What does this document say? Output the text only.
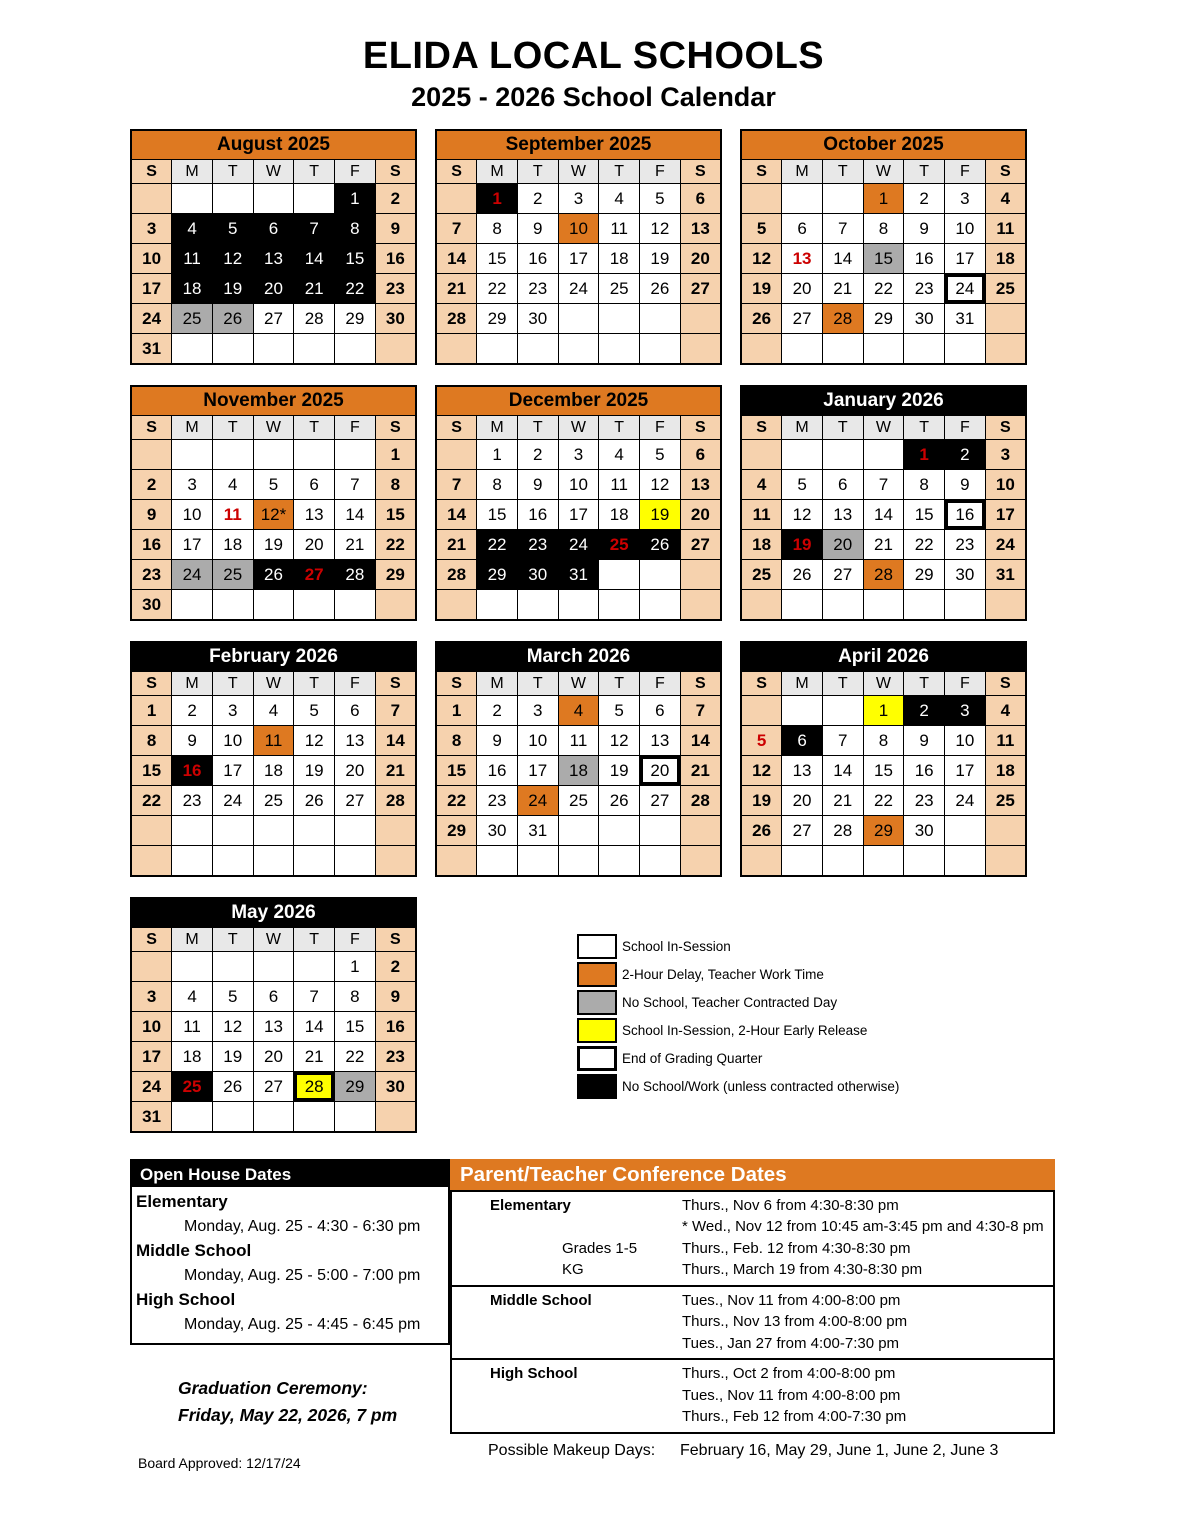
ELIDA LOCAL SCHOOLS
2025 - 2026 School Calendar
August 2025						
S	M	T	W	T	F	S
					1	2
3	4	5	6	7	8	9
10	11	12	13	14	15	16
17	18	19	20	21	22	23
24	25	26	27	28	29	30
31						
September 2025						
S	M	T	W	T	F	S
	1	2	3	4	5	6
7	8	9	10	11	12	13
14	15	16	17	18	19	20
21	22	23	24	25	26	27
28	29	30				

October 2025						
S	M	T	W	T	F	S
			1	2	3	4
5	6	7	8	9	10	11
12	13	14	15	16	17	18
19	20	21	22	23	24	25
26	27	28	29	30	31	

November 2025						
S	M	T	W	T	F	S
						1
2	3	4	5	6	7	8
9	10	11	12*	13	14	15
16	17	18	19	20	21	22
23	24	25	26	27	28	29
30						
December 2025						
S	M	T	W	T	F	S
	1	2	3	4	5	6
7	8	9	10	11	12	13
14	15	16	17	18	19	20
21	22	23	24	25	26	27
28	29	30	31			

January 2026						
S	M	T	W	T	F	S
				1	2	3
4	5	6	7	8	9	10
11	12	13	14	15	16	17
18	19	20	21	22	23	24
25	26	27	28	29	30	31

February 2026						
S	M	T	W	T	F	S
1	2	3	4	5	6	7
8	9	10	11	12	13	14
15	16	17	18	19	20	21
22	23	24	25	26	27	28

March 2026						
S	M	T	W	T	F	S
1	2	3	4	5	6	7
8	9	10	11	12	13	14
15	16	17	18	19	20	21
22	23	24	25	26	27	28
29	30	31				

April 2026						
S	M	T	W	T	F	S
			1	2	3	4
5	6	7	8	9	10	11
12	13	14	15	16	17	18
19	20	21	22	23	24	25
26	27	28	29	30		

May 2026						
S	M	T	W	T	F	S
					1	2
3	4	5	6	7	8	9
10	11	12	13	14	15	16
17	18	19	20	21	22	23
24	25	26	27	28	29	30
31						
School In-Session
2-Hour Delay, Teacher Work Time
No School, Teacher Contracted Day
School In-Session, 2-Hour Early Release
End of Grading Quarter
No School/Work (unless contracted otherwise)
Open House Dates
Elementary
Monday, Aug. 25 - 4:30 - 6:30 pm
Middle School
Monday, Aug. 25 - 5:00 - 7:00 pm
High School
Monday, Aug. 25 - 4:45 - 6:45 pm
Graduation Ceremony:
Friday, May 22, 2026, 7 pm
Board Approved: 12/17/24
Parent/Teacher Conference Dates
Elementary	Thurs., Nov 6 from 4:30-8:30 pm
* Wed., Nov 12 from 10:45 am-3:45 pm and 4:30-8 pm
Grades 1-5	Thurs., Feb. 12 from 4:30-8:30 pm
KG	Thurs., March 19 from 4:30-8:30 pm
Middle School	Tues., Nov 11 from 4:00-8:00 pm
Thurs., Nov 13 from 4:00-8:00 pm
Tues., Jan 27 from 4:00-7:30 pm
High School	Thurs., Oct 2 from 4:00-8:00 pm
Tues., Nov 11 from 4:00-8:00 pm
Thurs., Feb 12 from 4:00-7:30 pm
Possible Makeup Days:	February 16, May 29, June 1, June 2, June 3
